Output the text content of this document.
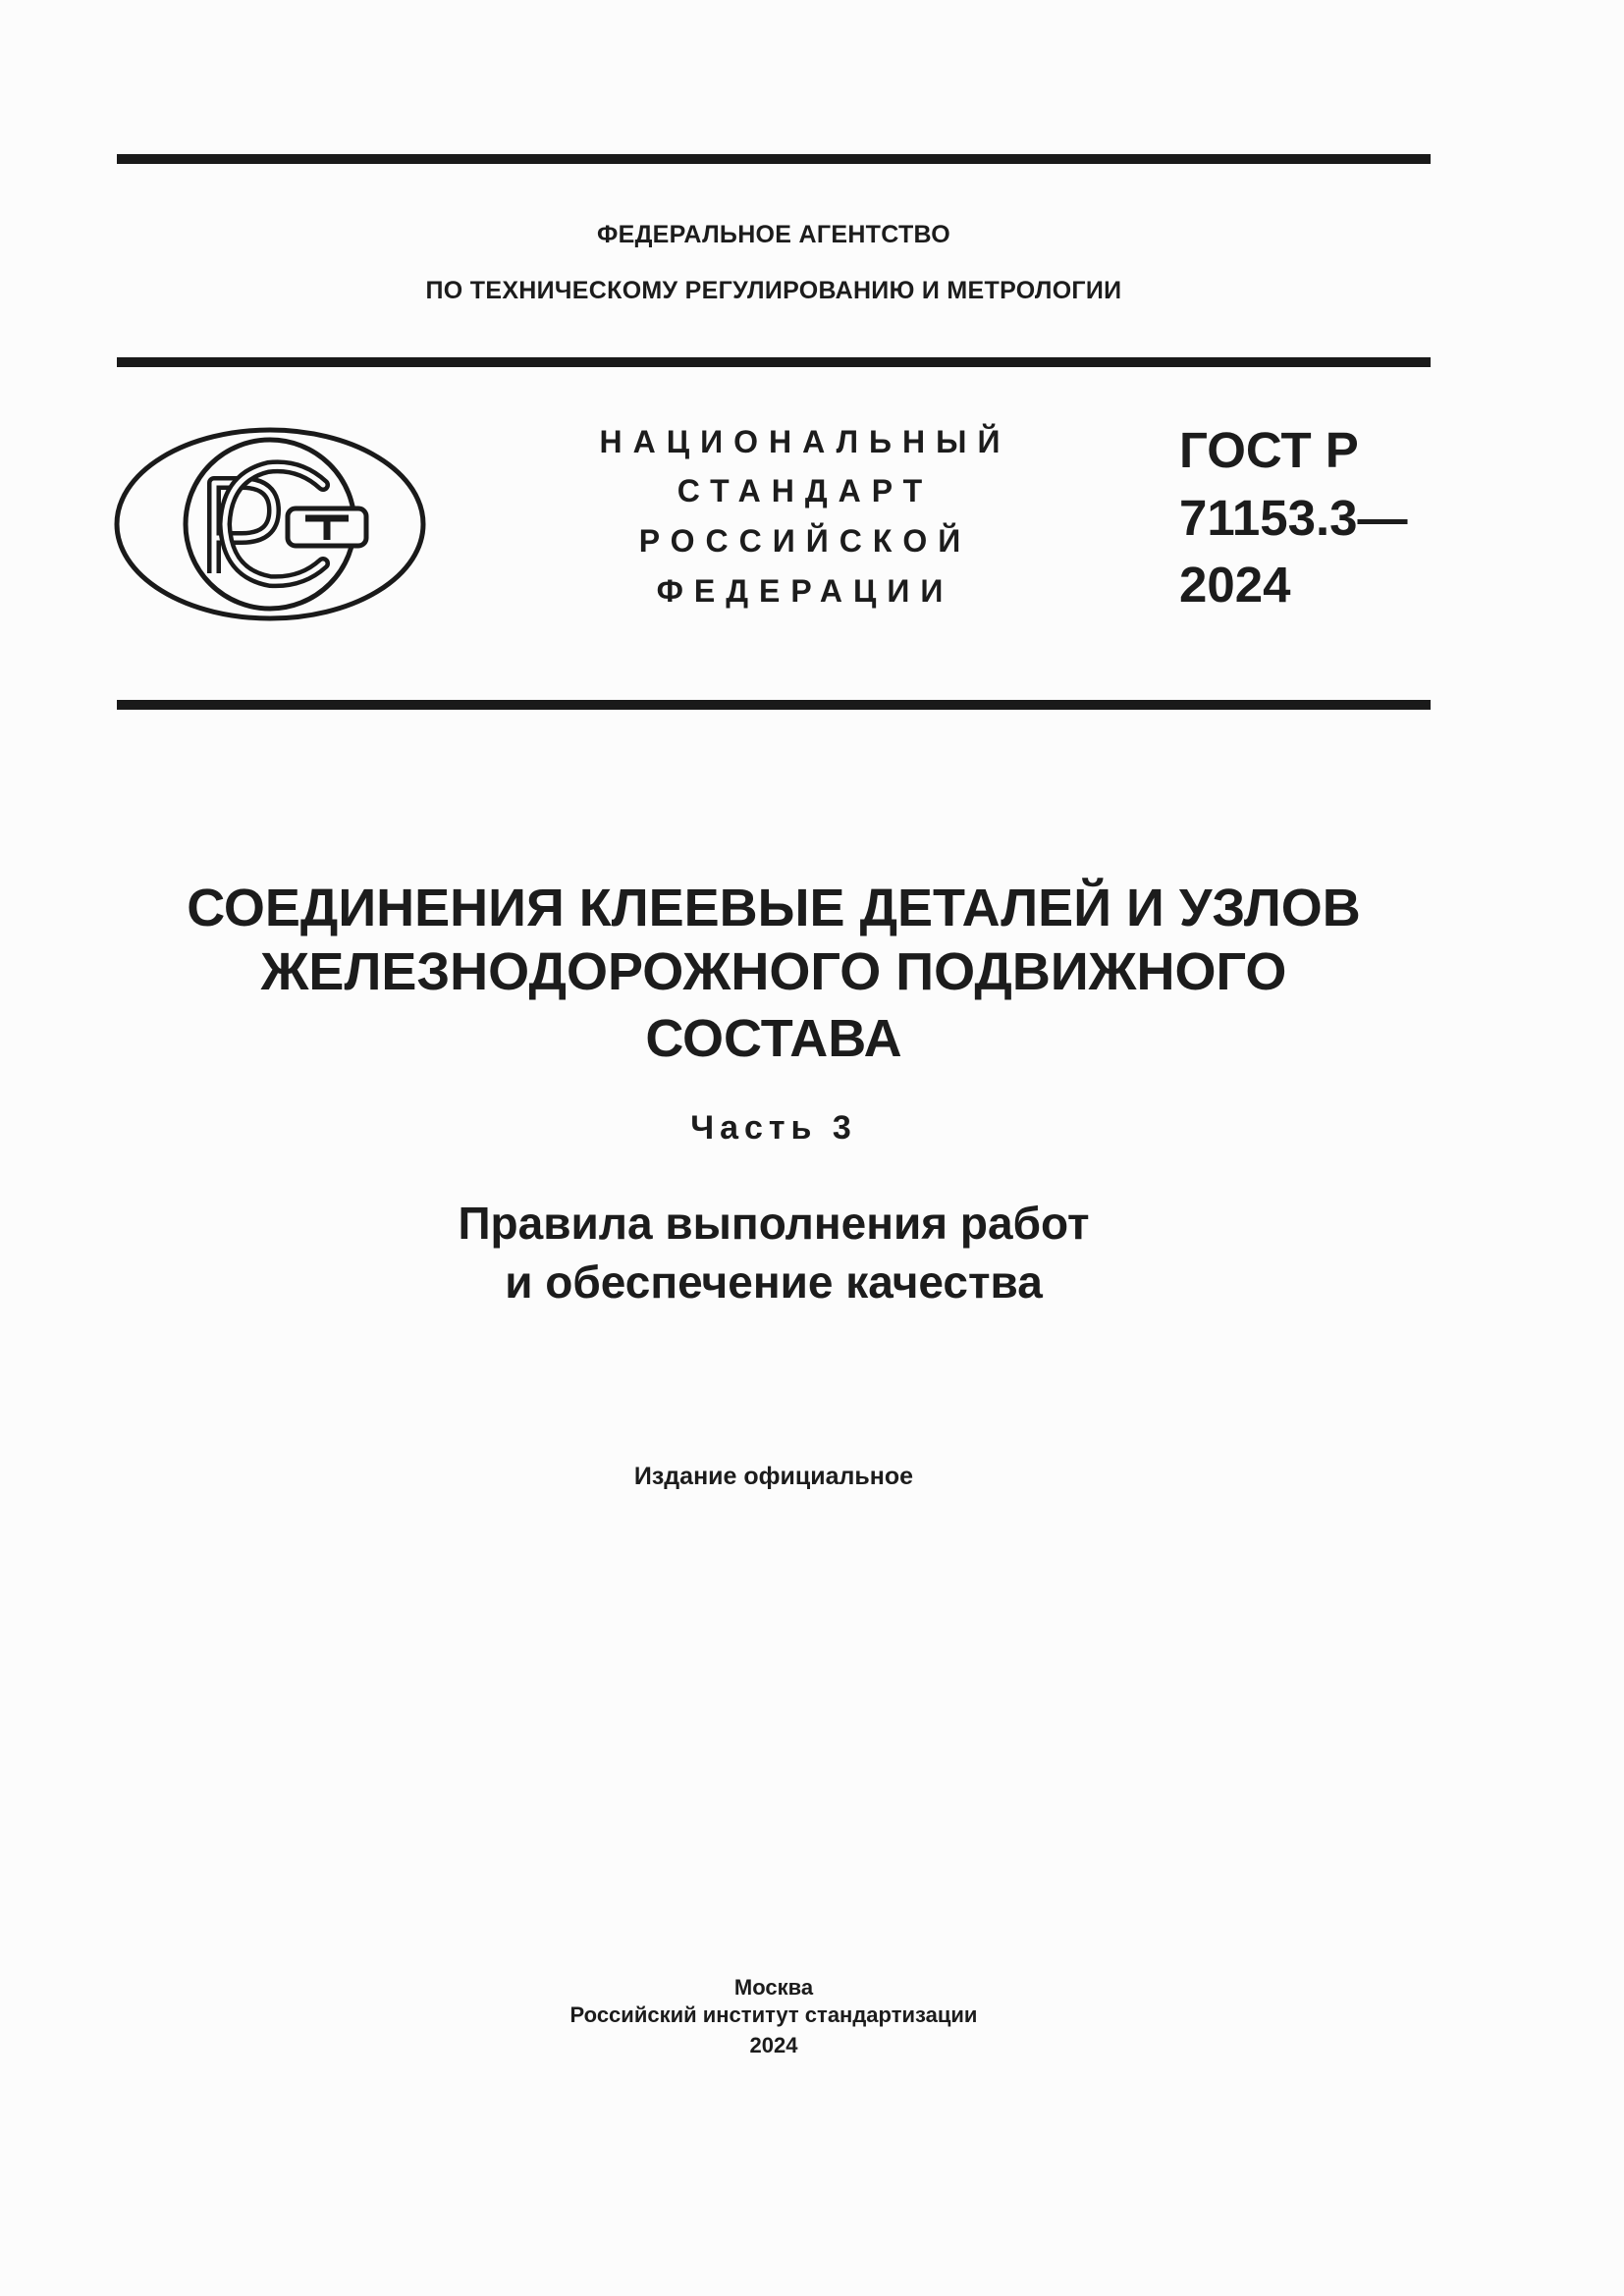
ФЕДЕРАЛЬНОЕ АГЕНТСТВО
ПО ТЕХНИЧЕСКОМУ РЕГУЛИРОВАНИЮ И МЕТРОЛОГИИ
НАЦИОНАЛЬНЫЙ
СТАНДАРТ
РОССИЙСКОЙ
ФЕДЕРАЦИИ
ГОСТ Р
71153.3—
2024
СОЕДИНЕНИЯ КЛЕЕВЫЕ ДЕТАЛЕЙ И УЗЛОВ
ЖЕЛЕЗНОДОРОЖНОГО ПОДВИЖНОГО
СОСТАВА
Часть 3
Правила выполнения работ
и обеспечение качества
Издание официальное
Москва
Российский институт стандартизации
2024
